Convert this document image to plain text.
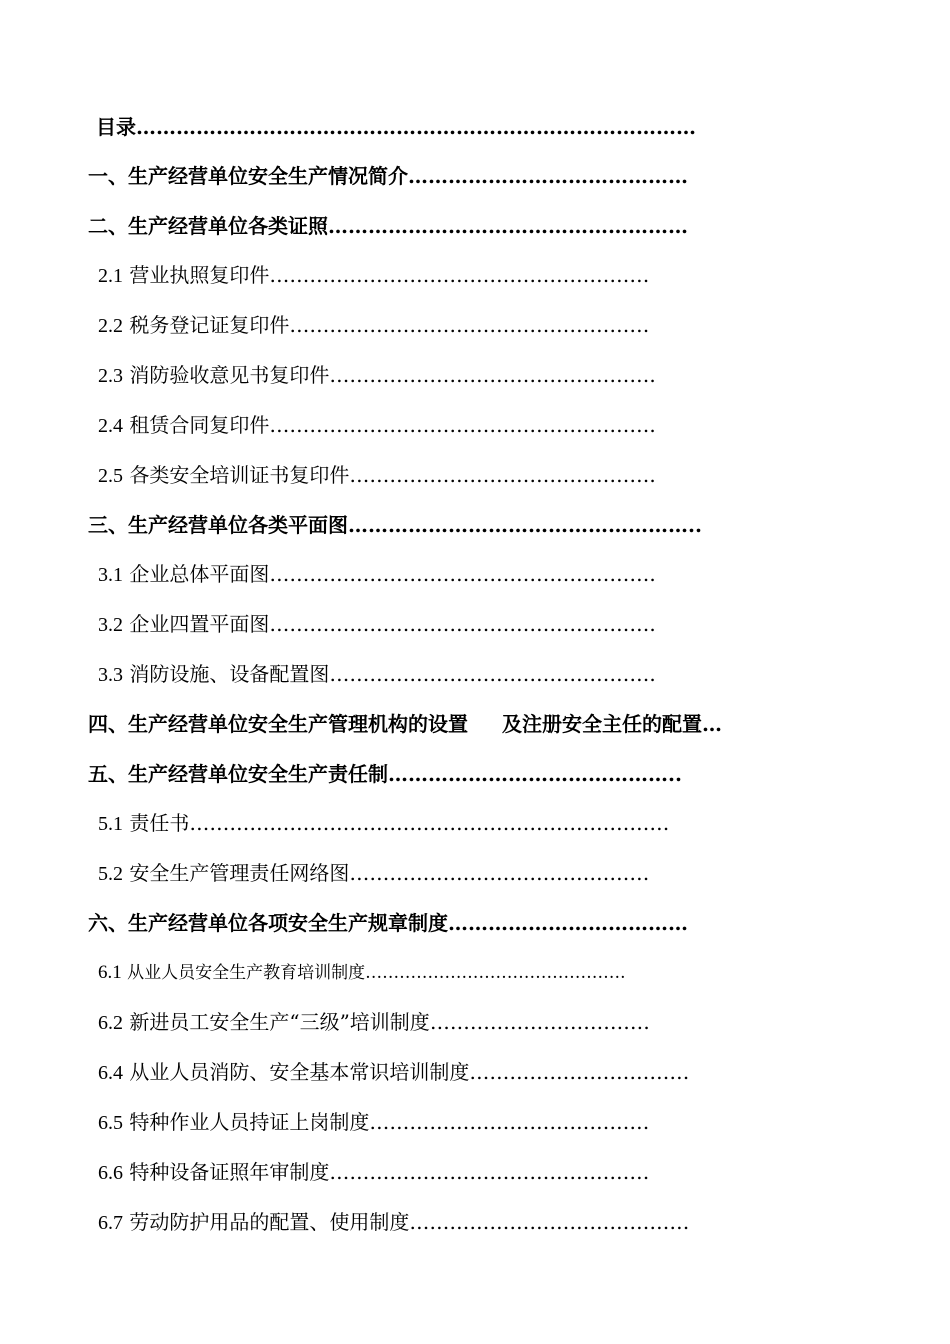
目录…………………………………………………………………………
一、生产经营单位安全生产情况简介……………………………………
二、生产经营单位各类证照………………………………………………
2.1 营业执照复印件…………………………………………………
2.2 税务登记证复印件………………………………………………
2.3 消防验收意见书复印件………………………………………….
2.4 租赁合同复印件………………………………………………….
2.5 各类安全培训证书复印件……………………………………….
三、生产经营单位各类平面图……………………………………………..
3.1 企业总体平面图………………………………………………….
3.2 企业四置平面图………………………………………………….
3.3 消防设施、设备配置图………………………………………….
四、生产经营单位安全生产管理机构的设置 及注册安全主任的配置…
五、生产经营单位安全生产责任制……………………………………..
5.1 责任书………………………………………………………………
5.2 安全生产管理责任网络图………………………………………
六、生产经营单位各项安全生产规章制度………………………………
6.1 从业人员安全生产教育培训制度……………………………………….
6.2 新进员工安全生产“三级”培训制度……………………………
6.4 从业人员消防、安全基本常识培训制度……………………………
6.5 特种作业人员持证上岗制度……………………………………
6.6 特种设备证照年审制度…………………………………………
6.7 劳动防护用品的配置、使用制度……………………………………
